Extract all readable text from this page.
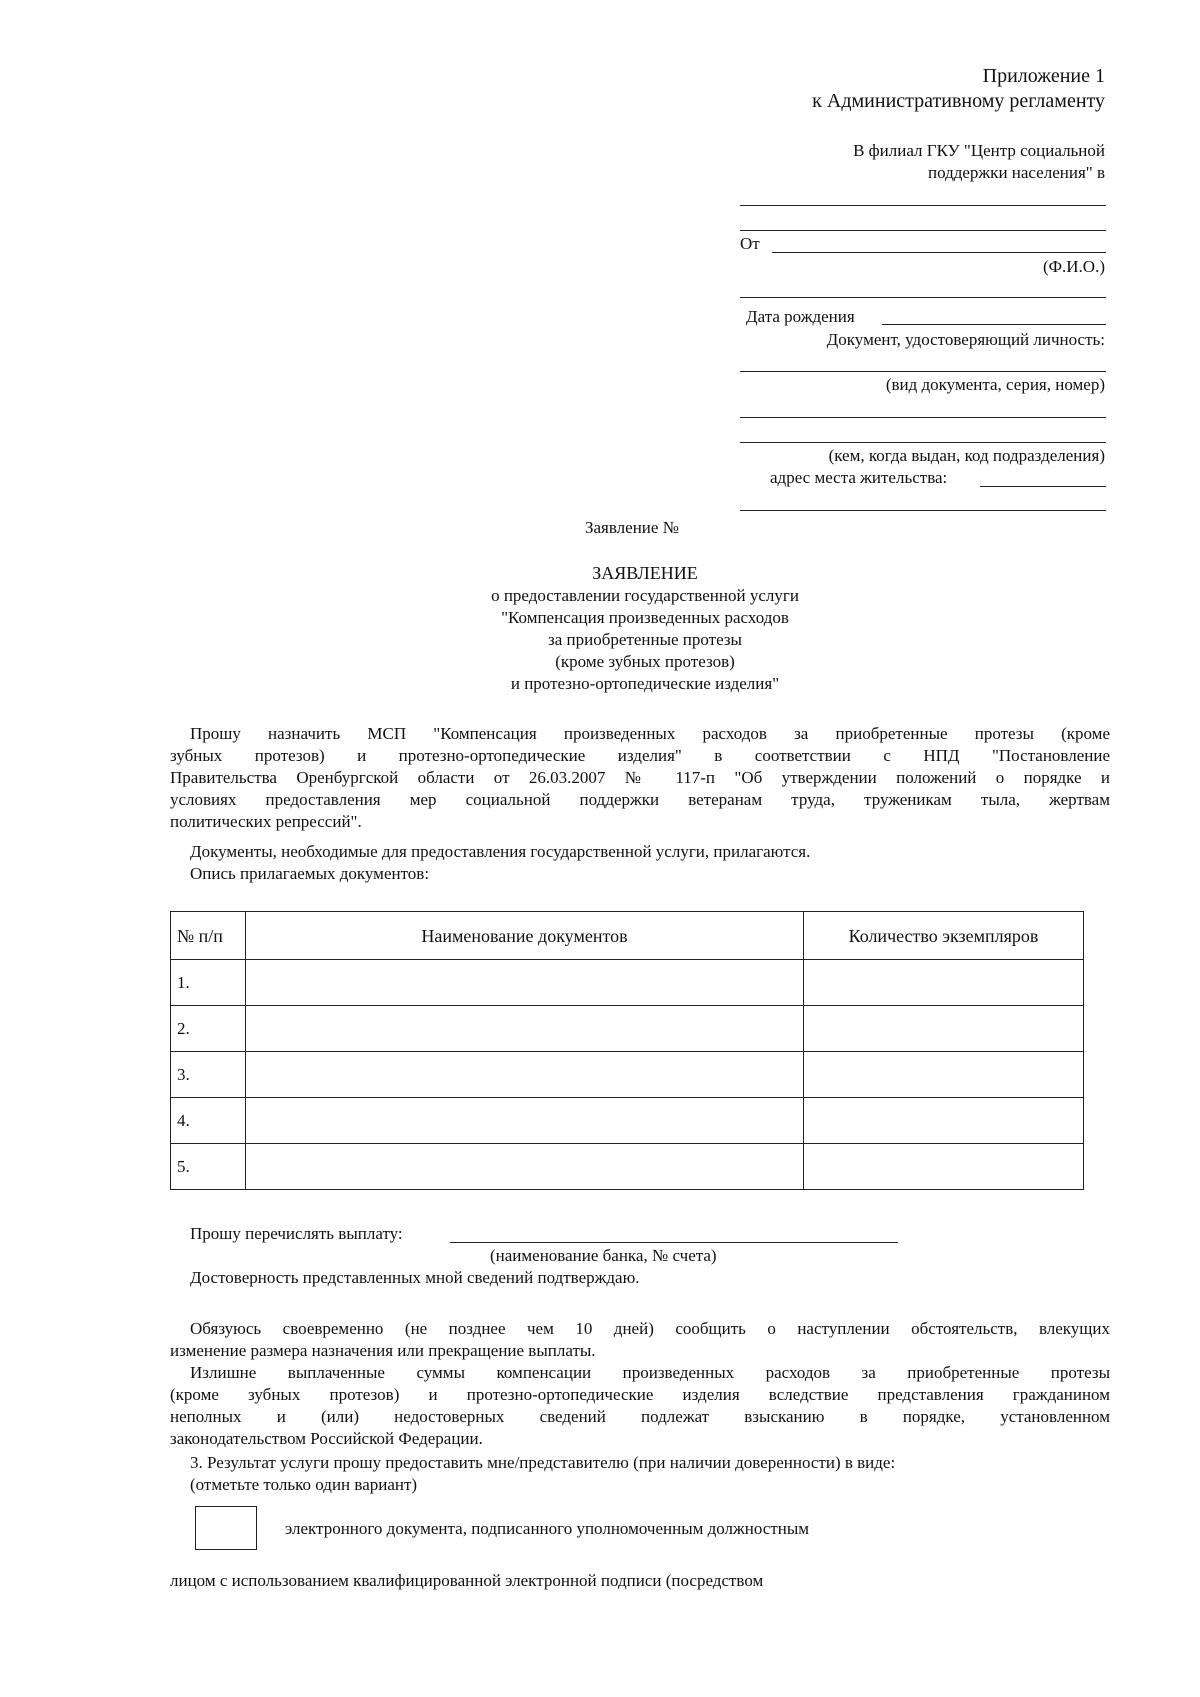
Приложение 1
к Административному регламенту
В филиал ГКУ "Центр социальной
поддержки населения" в
От
(Ф.И.О.)
Дата рождения
Документ, удостоверяющий личность:
(вид документа, серия, номер)
(кем, когда выдан, код подразделения)
адрес места жительства:
Заявление №
ЗАЯВЛЕНИЕ
о предоставлении государственной услуги
"Компенсация произведенных расходов
за приобретенные протезы
(кроме зубных протезов)
и протезно-ортопедические изделия"
Прошу назначить МСП "Компенсация произведенных расходов за приобретенные протезы (кроме
зубных протезов) и протезно-ортопедические изделия" в соответствии с НПД "Постановление
Правительства Оренбургской области от 26.03.2007 № 117-п "Об утверждении положений о порядке и
условиях предоставления мер социальной поддержки ветеранам труда, труженикам тыла, жертвам
политических репрессий".
Документы, необходимые для предоставления государственной услуги, прилагаются.
Опись прилагаемых документов:
№ п/п	Наименование документов	Количество экземпляров
1.		
2.		
3.		
4.		
5.		
Прошу перечислять выплату:
(наименование банка, № счета)
Достоверность представленных мной сведений подтверждаю.
Обязуюсь своевременно (не позднее чем 10 дней) сообщить о наступлении обстоятельств, влекущих
изменение размера назначения или прекращение выплаты.
Излишне выплаченные суммы компенсации произведенных расходов за приобретенные протезы
(кроме зубных протезов) и протезно-ортопедические изделия вследствие представления гражданином
неполных и (или) недостоверных сведений подлежат взысканию в порядке, установленном
законодательством Российской Федерации.
3. Результат услуги прошу предоставить мне/представителю (при наличии доверенности) в виде:
(отметьте только один вариант)
электронного документа, подписанного уполномоченным должностным
лицом с использованием квалифицированной электронной подписи (посредством
